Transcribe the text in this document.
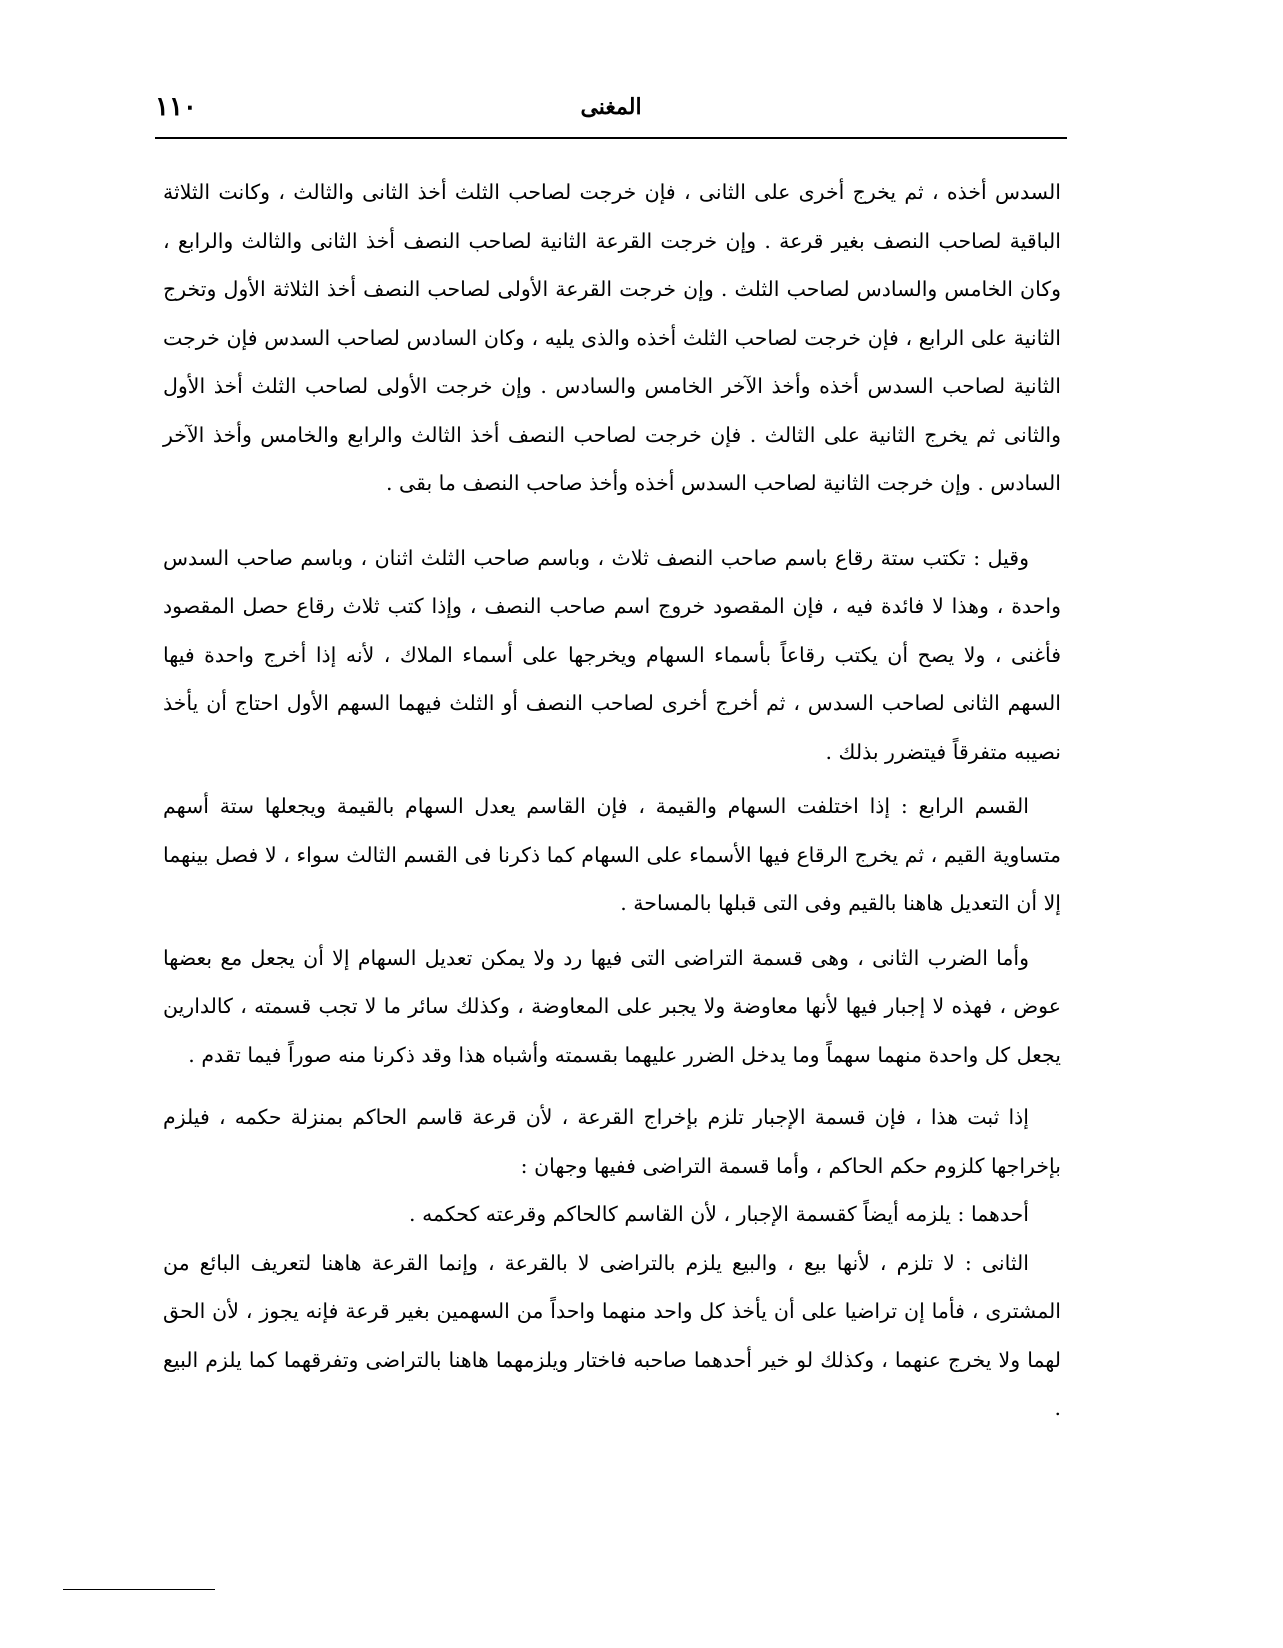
١١٠	المغنى

السدس أخذه ، ثم يخرج أخرى على الثانى ، فإن خرجت لصاحب الثلث أخذ الثانى والثالث ، وكانت الثلاثة الباقية لصاحب النصف بغير قرعة . وإن خرجت القرعة الثانية لصاحب النصف أخذ الثانى والثالث والرابع ، وكان الخامس والسادس لصاحب الثلث . وإن خرجت القرعة الأولى لصاحب النصف أخذ الثلاثة الأول وتخرج الثانية على الرابع ، فإن خرجت لصاحب الثلث أخذه والذى يليه ، وكان السادس لصاحب السدس فإن خرجت الثانية لصاحب السدس أخذه وأخذ الآخر الخامس والسادس . وإن خرجت الأولى لصاحب الثلث أخذ الأول والثانى ثم يخرج الثانية على الثالث . فإن خرجت لصاحب النصف أخذ الثالث والرابع والخامس وأخذ الآخر السادس . وإن خرجت الثانية لصاحب السدس أخذه وأخذ صاحب النصف ما بقى .

وقيل : تكتب ستة رقاع باسم صاحب النصف ثلاث ، وباسم صاحب الثلث اثنان ، وباسم صاحب السدس واحدة ، وهذا لا فائدة فيه ، فإن المقصود خروج اسم صاحب النصف ، وإذا كتب ثلاث رقاع حصل المقصود فأغنى ، ولا يصح أن يكتب رقاعاً بأسماء السهام ويخرجها على أسماء الملاك ، لأنه إذا أخرج واحدة فيها السهم الثانى لصاحب السدس ، ثم أخرج أخرى لصاحب النصف أو الثلث فيهما السهم الأول احتاج أن يأخذ نصيبه متفرقاً فيتضرر بذلك .

القسم الرابع : إذا اختلفت السهام والقيمة ، فإن القاسم يعدل السهام بالقيمة ويجعلها ستة أسهم متساوية القيم ، ثم يخرج الرقاع فيها الأسماء على السهام كما ذكرنا فى القسم الثالث سواء ، لا فصل بينهما إلا أن التعديل هاهنا بالقيم وفى التى قبلها بالمساحة .

وأما الضرب الثانى ، وهى قسمة التراضى التى فيها رد ولا يمكن تعديل السهام إلا أن يجعل مع بعضها عوض ، فهذه لا إجبار فيها لأنها معاوضة ولا يجبر على المعاوضة ، وكذلك سائر ما لا تجب قسمته ، كالدارين يجعل كل واحدة منهما سهماً وما يدخل الضرر عليهما بقسمته وأشباه هذا وقد ذكرنا منه صوراً فيما تقدم .

إذا ثبت هذا ، فإن قسمة الإجبار تلزم بإخراج القرعة ، لأن قرعة قاسم الحاكم بمنزلة حكمه ، فيلزم بإخراجها كلزوم حكم الحاكم ، وأما قسمة التراضى ففيها وجهان :

أحدهما : يلزمه أيضاً كقسمة الإجبار ، لأن القاسم كالحاكم وقرعته كحكمه .

الثانى : لا تلزم ، لأنها بيع ، والبيع يلزم بالتراضى لا بالقرعة ، وإنما القرعة هاهنا لتعريف البائع من المشترى ، فأما إن تراضيا على أن يأخذ كل واحد منهما واحداً من السهمين بغير قرعة فإنه يجوز ، لأن الحق لهما ولا يخرج عنهما ، وكذلك لو خير أحدهما صاحبه فاختار ويلزمهما هاهنا بالتراضى وتفرقهما كما يلزم البيع .
